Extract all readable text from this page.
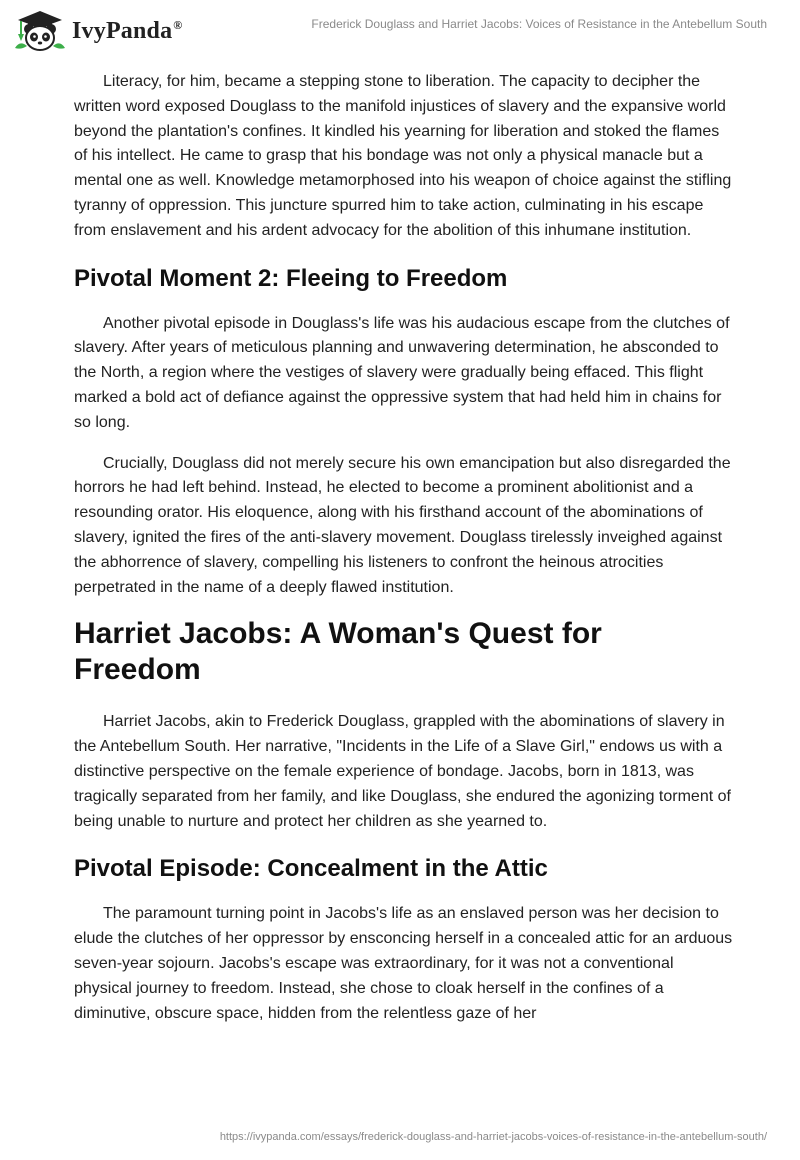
IvyPanda®	Frederick Douglass and Harriet Jacobs: Voices of Resistance in the Antebellum South

Literacy, for him, became a stepping stone to liberation. The capacity to decipher the written word exposed Douglass to the manifold injustices of slavery and the expansive world beyond the plantation's confines. It kindled his yearning for liberation and stoked the flames of his intellect. He came to grasp that his bondage was not only a physical manacle but a mental one as well. Knowledge metamorphosed into his weapon of choice against the stifling tyranny of oppression. This juncture spurred him to take action, culminating in his escape from enslavement and his ardent advocacy for the abolition of this inhumane institution.

Pivotal Moment 2: Fleeing to Freedom

Another pivotal episode in Douglass's life was his audacious escape from the clutches of slavery. After years of meticulous planning and unwavering determination, he absconded to the North, a region where the vestiges of slavery were gradually being effaced. This flight marked a bold act of defiance against the oppressive system that had held him in chains for so long.

Crucially, Douglass did not merely secure his own emancipation but also disregarded the horrors he had left behind. Instead, he elected to become a prominent abolitionist and a resounding orator. His eloquence, along with his firsthand account of the abominations of slavery, ignited the fires of the anti-slavery movement. Douglass tirelessly inveighed against the abhorrence of slavery, compelling his listeners to confront the heinous atrocities perpetrated in the name of a deeply flawed institution.

Harriet Jacobs: A Woman's Quest for Freedom

Harriet Jacobs, akin to Frederick Douglass, grappled with the abominations of slavery in the Antebellum South. Her narrative, "Incidents in the Life of a Slave Girl," endows us with a distinctive perspective on the female experience of bondage. Jacobs, born in 1813, was tragically separated from her family, and like Douglass, she endured the agonizing torment of being unable to nurture and protect her children as she yearned to.

Pivotal Episode: Concealment in the Attic

The paramount turning point in Jacobs's life as an enslaved person was her decision to elude the clutches of her oppressor by ensconcing herself in a concealed attic for an arduous seven-year sojourn. Jacobs's escape was extraordinary, for it was not a conventional physical journey to freedom. Instead, she chose to cloak herself in the confines of a diminutive, obscure space, hidden from the relentless gaze of her

https://ivypanda.com/essays/frederick-douglass-and-harriet-jacobs-voices-of-resistance-in-the-antebellum-south/
